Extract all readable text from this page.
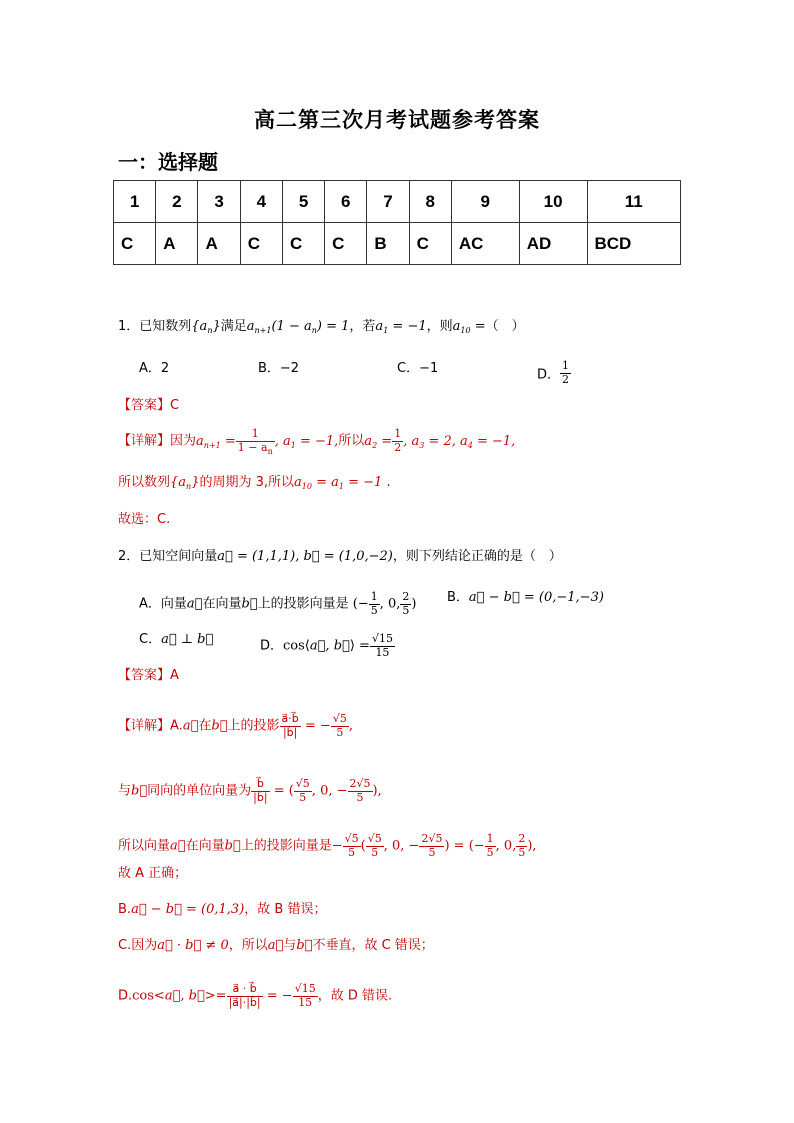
高二第三次月考试题参考答案
一：选择题
1	2	3	4	5	6	7	8	9	10	11
C	A	A	C	C	C	B	C	AC	AD	BCD
1．已知数列$\{a_n\}$满足$a_{n+1}(1 - a_n) = 1$，若$a_1 = -1$，则$a_{10}$ =（　）
A．2	B．−2	C．−1	D． $\frac{1}{2}$
【答案】C
【详解】因为$a_{n+1} = \frac{1}{1 - a_n}$ , $a_1 = -1$,所以$a_2 = \frac{1}{2}$ , $a_3 = 2$, $a_4 = -1$,
所以数列$\{a_n\}$的周期为 3,所以$a_{10} = a_1 = -1$ .
故选：C.
2．已知空间向量a⃗ = (1,1,1), b⃗ = (1,0,−2)，则下列结论正确的是（　）
A．向量a⃗在向量b⃗上的投影向量是 (− $\frac{1}{5}$ , 0, $\frac{2}{5}$ ) B．a⃗ − b⃗ = (0,−1,−3)
C．a⃗ ⊥ b⃗	D．cos⟨a⃗, b⃗⟩ = $\frac{√15}{15}$
【答案】A
【详解】A.a⃗在b⃗上的投影 $\frac{a⃗\cdot b⃗}{|b⃗|}$ = − $\frac{√5}{5}$ ,
与b⃗同向的单位向量为 $\frac{b⃗}{|b⃗|}$ = ( $\frac{√5}{5}$ , 0, − $\frac{2√5}{5}$ ),
所以向量a⃗在向量b⃗上的投影向量是− $\frac{√5}{5}$ ( $\frac{√5}{5}$ , 0, − $\frac{2√5}{5}$ ) = (− $\frac{1}{5}$ , 0, $\frac{2}{5}$ ),
故 A 正确；
B.a⃗ − b⃗ = (0,1,3)，故 B 错误；
C.因为a⃗ · b⃗ ≠ 0，所以a⃗与b⃗不垂直，故 C 错误；
D.cos<a⃗, b⃗>= $\frac{a⃗ \cdot b⃗}{|a⃗|\cdot|b⃗|}$ = − $\frac{√15}{15}$ ，故 D 错误.
